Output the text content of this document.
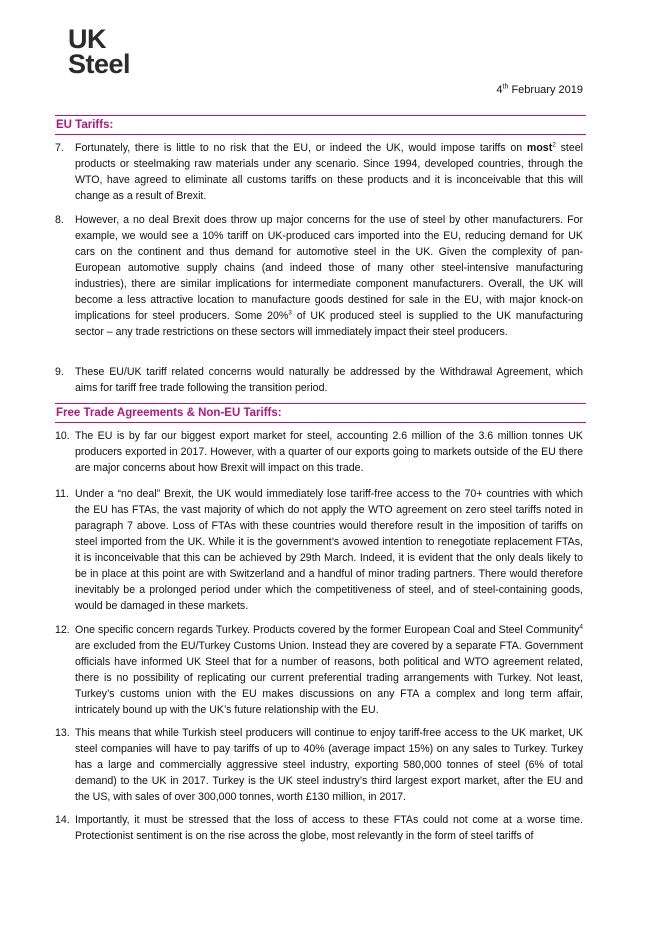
UK
Steel
4th February 2019
EU Tariffs:
7. Fortunately, there is little to no risk that the EU, or indeed the UK, would impose tariffs on most$^2$ steel products or steelmaking raw materials under any scenario. Since 1994, developed countries, through the WTO, have agreed to eliminate all customs tariffs on these products and it is inconceivable that this will change as a result of Brexit.
8. However, a no deal Brexit does throw up major concerns for the use of steel by other manufacturers. For example, we would see a 10% tariff on UK-produced cars imported into the EU, reducing demand for UK cars on the continent and thus demand for automotive steel in the UK. Given the complexity of pan-European automotive supply chains (and indeed those of many other steel-intensive manufacturing industries), there are similar implications for intermediate component manufacturers. Overall, the UK will become a less attractive location to manufacture goods destined for sale in the EU, with major knock-on implications for steel producers. Some 20%$^3$ of UK produced steel is supplied to the UK manufacturing sector – any trade restrictions on these sectors will immediately impact their steel producers.
9. These EU/UK tariff related concerns would naturally be addressed by the Withdrawal Agreement, which aims for tariff free trade following the transition period.
Free Trade Agreements & Non-EU Tariffs:
10. The EU is by far our biggest export market for steel, accounting 2.6 million of the 3.6 million tonnes UK producers exported in 2017. However, with a quarter of our exports going to markets outside of the EU there are major concerns about how Brexit will impact on this trade.
11. Under a “no deal” Brexit, the UK would immediately lose tariff-free access to the 70+ countries with which the EU has FTAs, the vast majority of which do not apply the WTO agreement on zero steel tariffs noted in paragraph 7 above. Loss of FTAs with these countries would therefore result in the imposition of tariffs on steel imported from the UK. While it is the government’s avowed intention to renegotiate replacement FTAs, it is inconceivable that this can be achieved by 29th March. Indeed, it is evident that the only deals likely to be in place at this point are with Switzerland and a handful of minor trading partners. There would therefore inevitably be a prolonged period under which the competitiveness of steel, and of steel-containing goods, would be damaged in these markets.
12. One specific concern regards Turkey. Products covered by the former European Coal and Steel Community$^4$ are excluded from the EU/Turkey Customs Union. Instead they are covered by a separate FTA. Government officials have informed UK Steel that for a number of reasons, both political and WTO agreement related, there is no possibility of replicating our current preferential trading arrangements with Turkey. Not least, Turkey’s customs union with the EU makes discussions on any FTA a complex and long term affair, intricately bound up with the UK’s future relationship with the EU.
13. This means that while Turkish steel producers will continue to enjoy tariff-free access to the UK market, UK steel companies will have to pay tariffs of up to 40% (average impact 15%) on any sales to Turkey. Turkey has a large and commercially aggressive steel industry, exporting 580,000 tonnes of steel (6% of total demand) to the UK in 2017. Turkey is the UK steel industry’s third largest export market, after the EU and the US, with sales of over 300,000 tonnes, worth £130 million, in 2017.
14. Importantly, it must be stressed that the loss of access to these FTAs could not come at a worse time. Protectionist sentiment is on the rise across the globe, most relevantly in the form of steel tariffs of
